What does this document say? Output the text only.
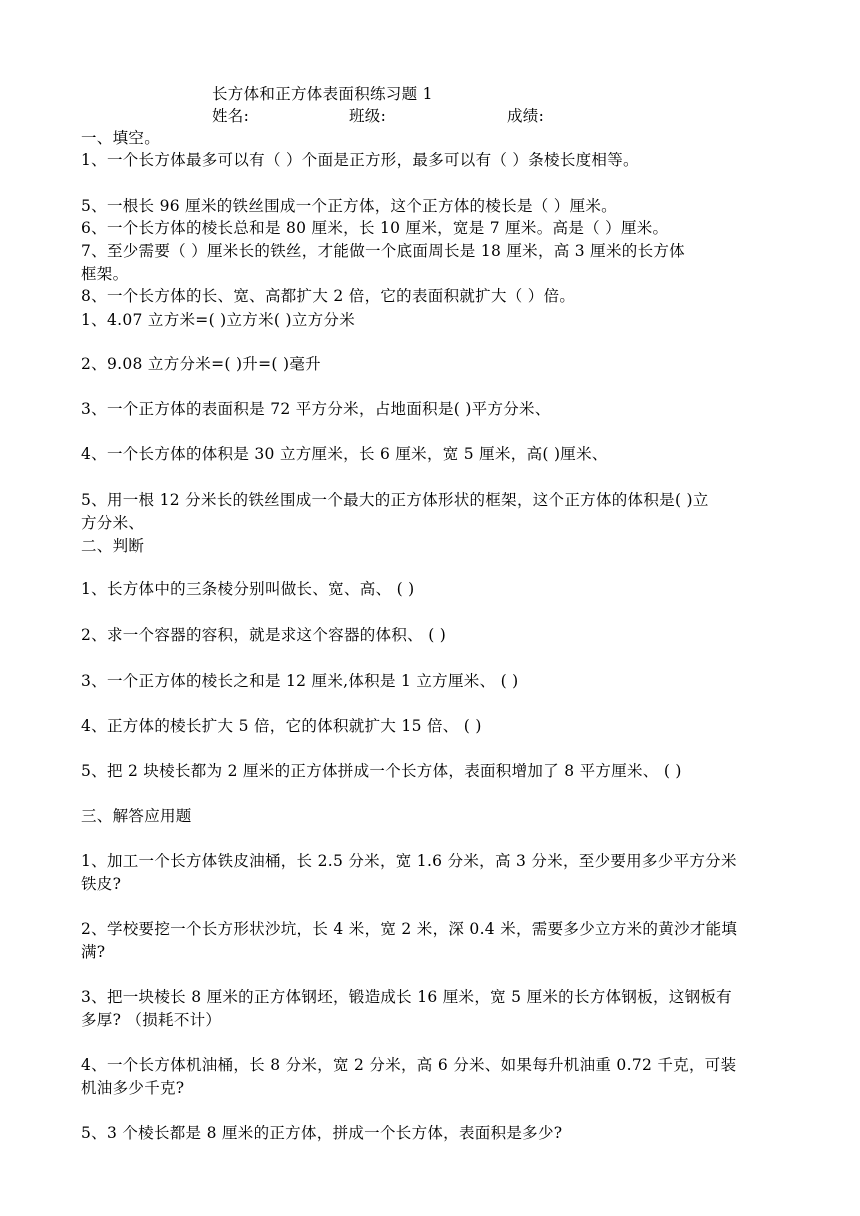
长方体和正方体表面积练习题 1
姓名:	班级:	成绩:
一、填空。
1、一个长方体最多可以有（ ）个面是正方形，最多可以有（ ）条棱长度相等。
5、一根长 96 厘米的铁丝围成一个正方体，这个正方体的棱长是（ ）厘米。
6、一个长方体的棱长总和是 80 厘米，长 10 厘米，宽是 7 厘米。高是（ ）厘米。
7、至少需要（ ）厘米长的铁丝，才能做一个底面周长是 18 厘米，高 3 厘米的长方体
框架。
8、一个长方体的长、宽、高都扩大 2 倍，它的表面积就扩大（ ）倍。
1、4.07 立方米=( )立方米( )立方分米
2、9.08 立方分米=( )升=( )毫升
3、一个正方体的表面积是 72 平方分米，占地面积是( )平方分米、
4、一个长方体的体积是 30 立方厘米，长 6 厘米，宽 5 厘米，高( )厘米、
5、用一根 12 分米长的铁丝围成一个最大的正方体形状的框架，这个正方体的体积是( )立
方分米、
二、判断
1、长方体中的三条棱分别叫做长、宽、高、 ( )
2、求一个容器的容积，就是求这个容器的体积、 ( )
3、一个正方体的棱长之和是 12 厘米,体积是 1 立方厘米、 ( )
4、正方体的棱长扩大 5 倍，它的体积就扩大 15 倍、 ( )
5、把 2 块棱长都为 2 厘米的正方体拼成一个长方体，表面积增加了 8 平方厘米、 ( )
三、解答应用题
1、加工一个长方体铁皮油桶，长 2.5 分米，宽 1.6 分米，高 3 分米，至少要用多少平方分米
铁皮?
2、学校要挖一个长方形状沙坑，长 4 米，宽 2 米，深 0.4 米，需要多少立方米的黄沙才能填
满?
3、把一块棱长 8 厘米的正方体钢坯，锻造成长 16 厘米，宽 5 厘米的长方体钢板，这钢板有
多厚? （损耗不计）
4、一个长方体机油桶，长 8 分米，宽 2 分米，高 6 分米、如果每升机油重 0.72 千克，可装
机油多少千克?
5、3 个棱长都是 8 厘米的正方体，拼成一个长方体，表面积是多少?
